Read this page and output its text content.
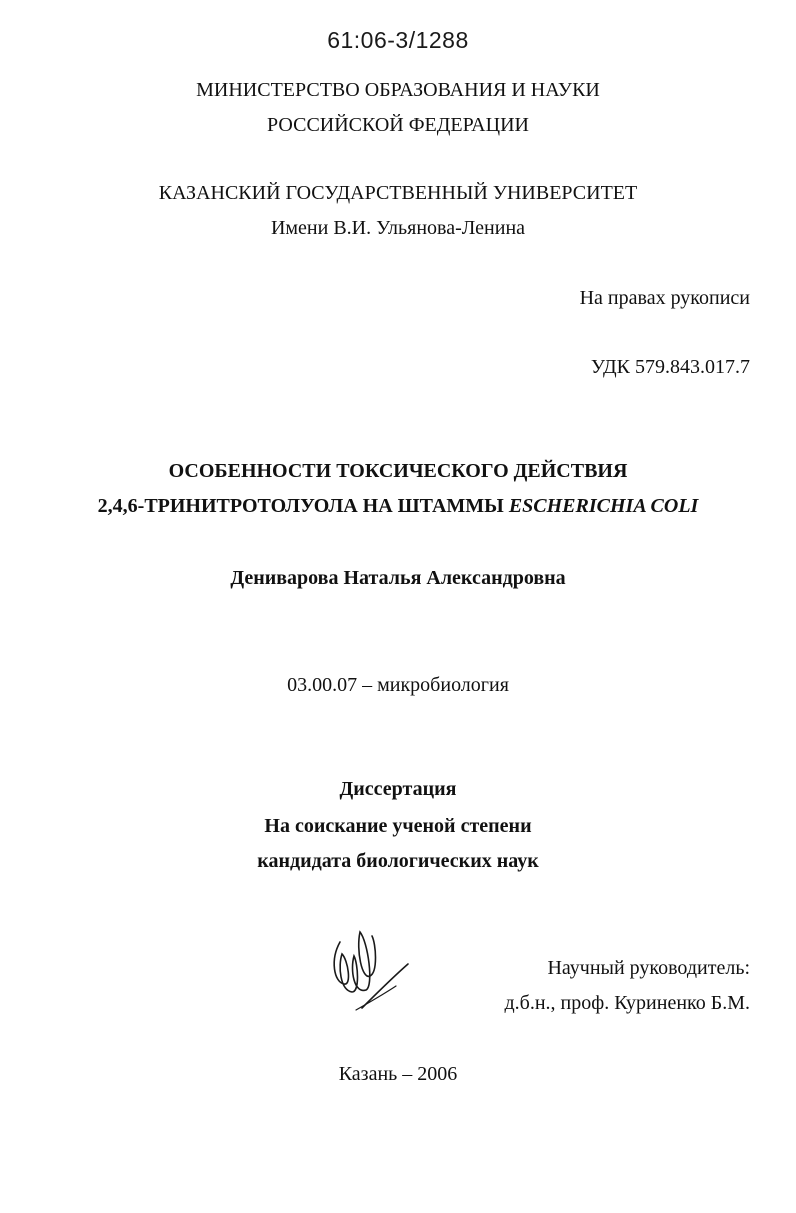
61:06-3/1288
МИНИСТЕРСТВО ОБРАЗОВАНИЯ И НАУКИ
РОССИЙСКОЙ ФЕДЕРАЦИИ
КАЗАНСКИЙ ГОСУДАРСТВЕННЫЙ УНИВЕРСИТЕТ
Имени В.И. Ульянова-Ленина
На правах рукописи
УДК 579.843.017.7
ОСОБЕННОСТИ ТОКСИЧЕСКОГО ДЕЙСТВИЯ
2,4,6-ТРИНИТРОТОЛУОЛА НА ШТАММЫ ESCHERICHIA COLI
Дениварова Наталья Александровна
03.00.07 – микробиология
Диссертация
На соискание ученой степени
кандидата биологических наук
Научный руководитель:
д.б.н., проф. Куриненко Б.М.
Казань – 2006
